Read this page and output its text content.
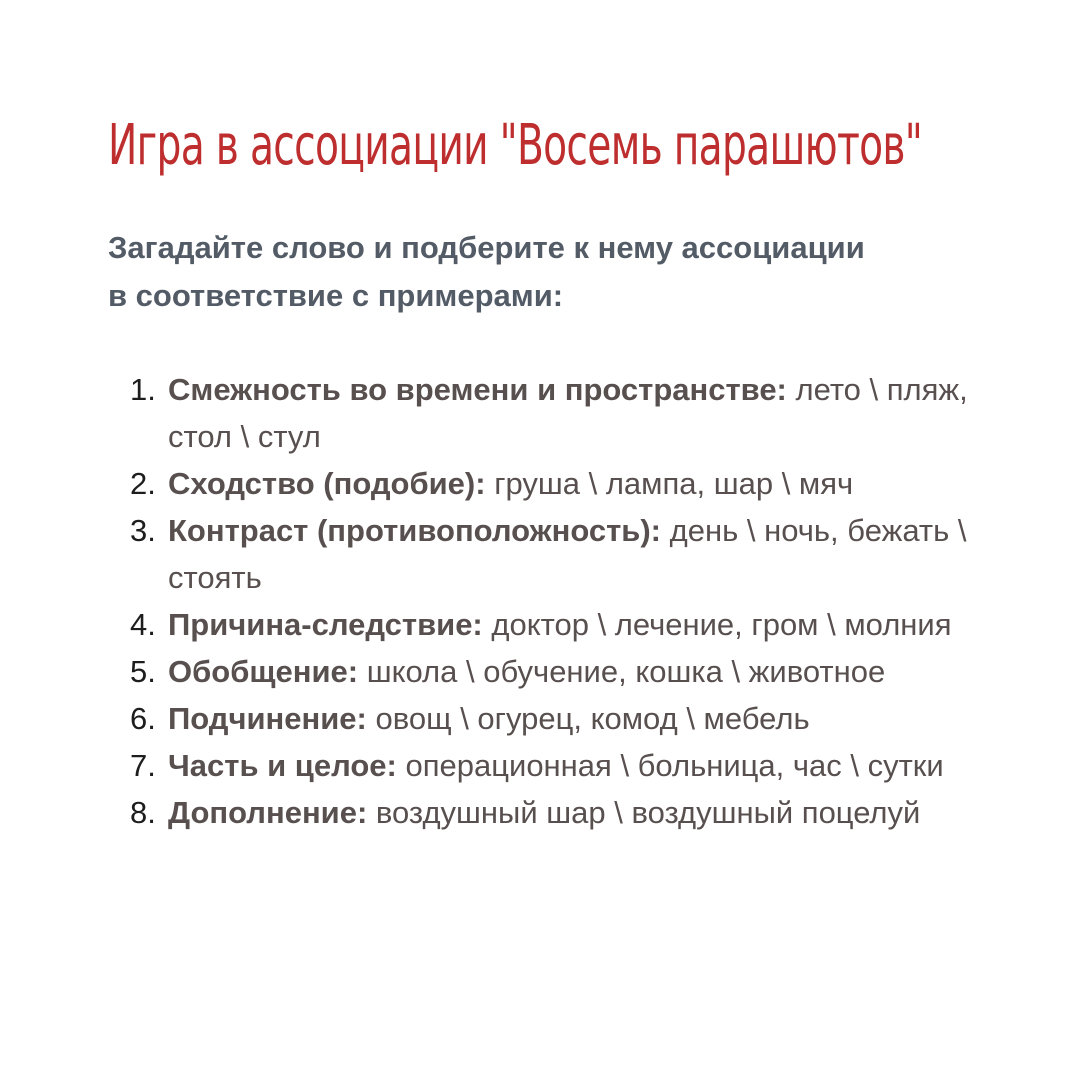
Игра в ассоциации "Восемь парашютов"

Загадайте слово и подберите к нему ассоциации
в соответствие с примерами:

1. Смежность во времени и пространстве: лето \ пляж, стол \ стул
2. Сходство (подобие): груша \ лампа, шар \ мяч
3. Контраст (противоположность): день \ ночь, бежать \ стоять
4. Причина-следствие: доктор \ лечение, гром \ молния
5. Обобщение: школа \ обучение, кошка \ животное
6. Подчинение: овощ \ огурец, комод \ мебель
7. Часть и целое: операционная \ больница, час \ сутки
8. Дополнение: воздушный шар \ воздушный поцелуй
